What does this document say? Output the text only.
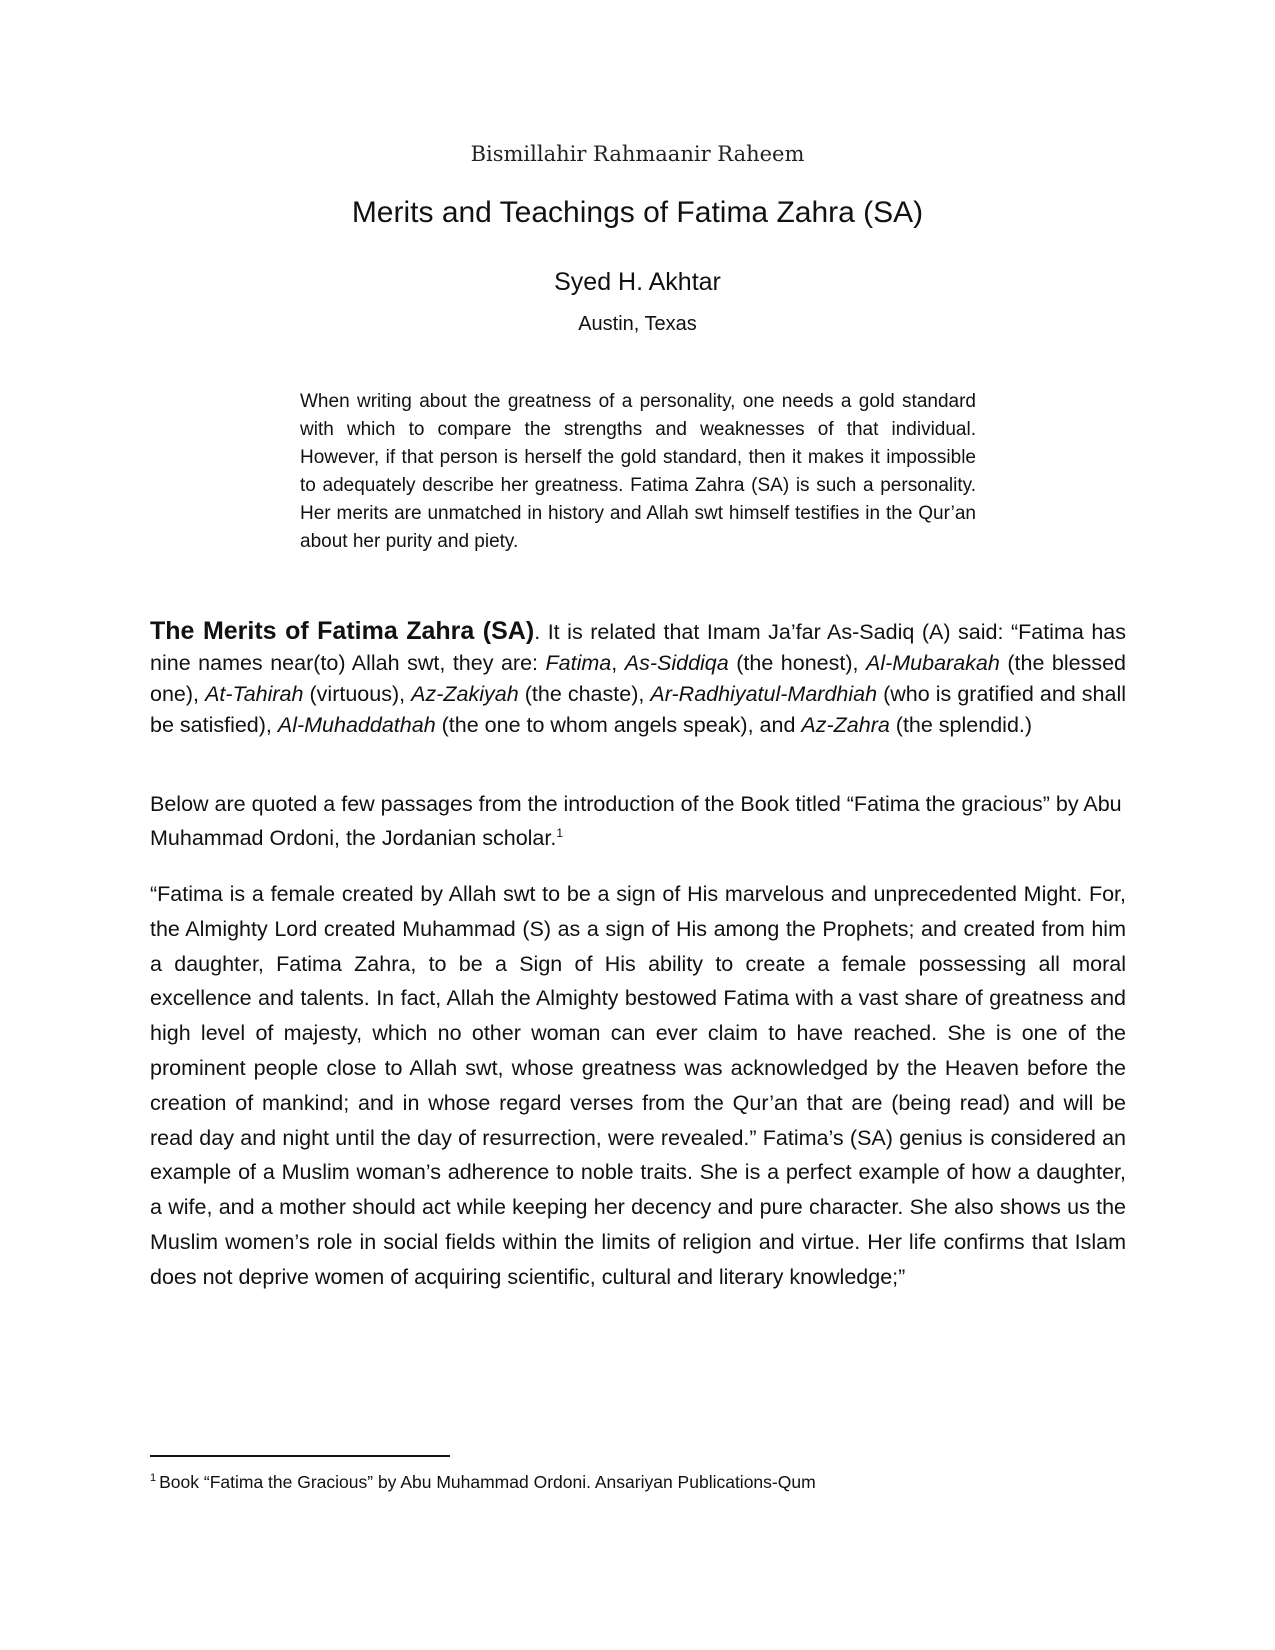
Bismillahir Rahmaanir Raheem
Merits and Teachings of Fatima Zahra (SA)
Syed H. Akhtar
Austin, Texas

When writing about the greatness of a personality, one needs a gold standard with which to compare the strengths and weaknesses of that individual. However, if that person is herself the gold standard, then it makes it impossible to adequately describe her greatness. Fatima Zahra (SA) is such a personality. Her merits are unmatched in history and Allah swt himself testifies in the Qur’an about her purity and piety.

The Merits of Fatima Zahra (SA). It is related that Imam Ja’far As-Sadiq (A) said: “Fatima has nine names near(to) Allah swt, they are: Fatima, As-Siddiqa (the honest), Al-Mubarakah (the blessed one), At-Tahirah (virtuous), Az-Zakiyah (the chaste), Ar-Radhiyatul-Mardhiah (who is gratified and shall be satisfied), Al-Muhaddathah (the one to whom angels speak), and Az-Zahra (the splendid.)

Below are quoted a few passages from the introduction of the Book titled “Fatima the gracious” by Abu Muhammad Ordoni, the Jordanian scholar.$^1$

“Fatima is a female created by Allah swt to be a sign of His marvelous and unprecedented Might. For, the Almighty Lord created Muhammad (S) as a sign of His among the Prophets; and created from him a daughter, Fatima Zahra, to be a Sign of His ability to create a female possessing all moral excellence and talents. In fact, Allah the Almighty bestowed Fatima with a vast share of greatness and high level of majesty, which no other woman can ever claim to have reached. She is one of the prominent people close to Allah swt, whose greatness was acknowledged by the Heaven before the creation of mankind; and in whose regard verses from the Qur’an that are (being read) and will be read day and night until the day of resurrection, were revealed.” Fatima’s (SA) genius is considered an example of a Muslim woman’s adherence to noble traits. She is a perfect example of how a daughter, a wife, and a mother should act while keeping her decency and pure character. She also shows us the Muslim women’s role in social fields within the limits of religion and virtue. Her life confirms that Islam does not deprive women of acquiring scientific, cultural and literary knowledge;”

$^1$ Book “Fatima the Gracious” by Abu Muhammad Ordoni. Ansariyan Publications-Qum
